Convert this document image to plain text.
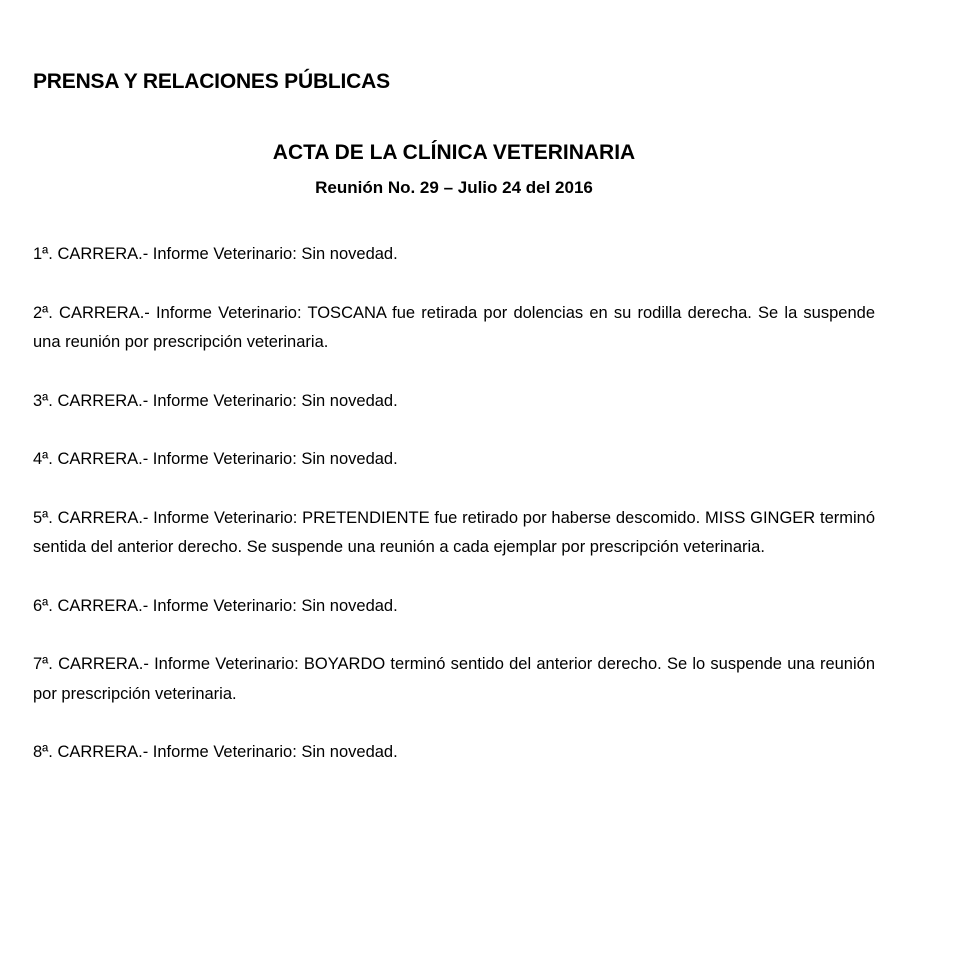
PRENSA Y RELACIONES PÚBLICAS
ACTA DE LA CLÍNICA VETERINARIA
Reunión No. 29 – Julio 24 del 2016

1ª. CARRERA.- Informe Veterinario: Sin novedad.

2ª. CARRERA.- Informe Veterinario: TOSCANA fue retirada por dolencias en su rodilla derecha. Se la suspende una reunión por prescripción veterinaria.

3ª. CARRERA.- Informe Veterinario: Sin novedad.

4ª. CARRERA.- Informe Veterinario: Sin novedad.

5ª. CARRERA.- Informe Veterinario: PRETENDIENTE fue retirado por haberse descomido. MISS GINGER terminó sentida del anterior derecho. Se suspende una reunión a cada ejemplar por prescripción veterinaria.

6ª. CARRERA.- Informe Veterinario: Sin novedad.

7ª. CARRERA.- Informe Veterinario: BOYARDO terminó sentido del anterior derecho. Se lo suspende una reunión por prescripción veterinaria.

8ª. CARRERA.- Informe Veterinario: Sin novedad.
